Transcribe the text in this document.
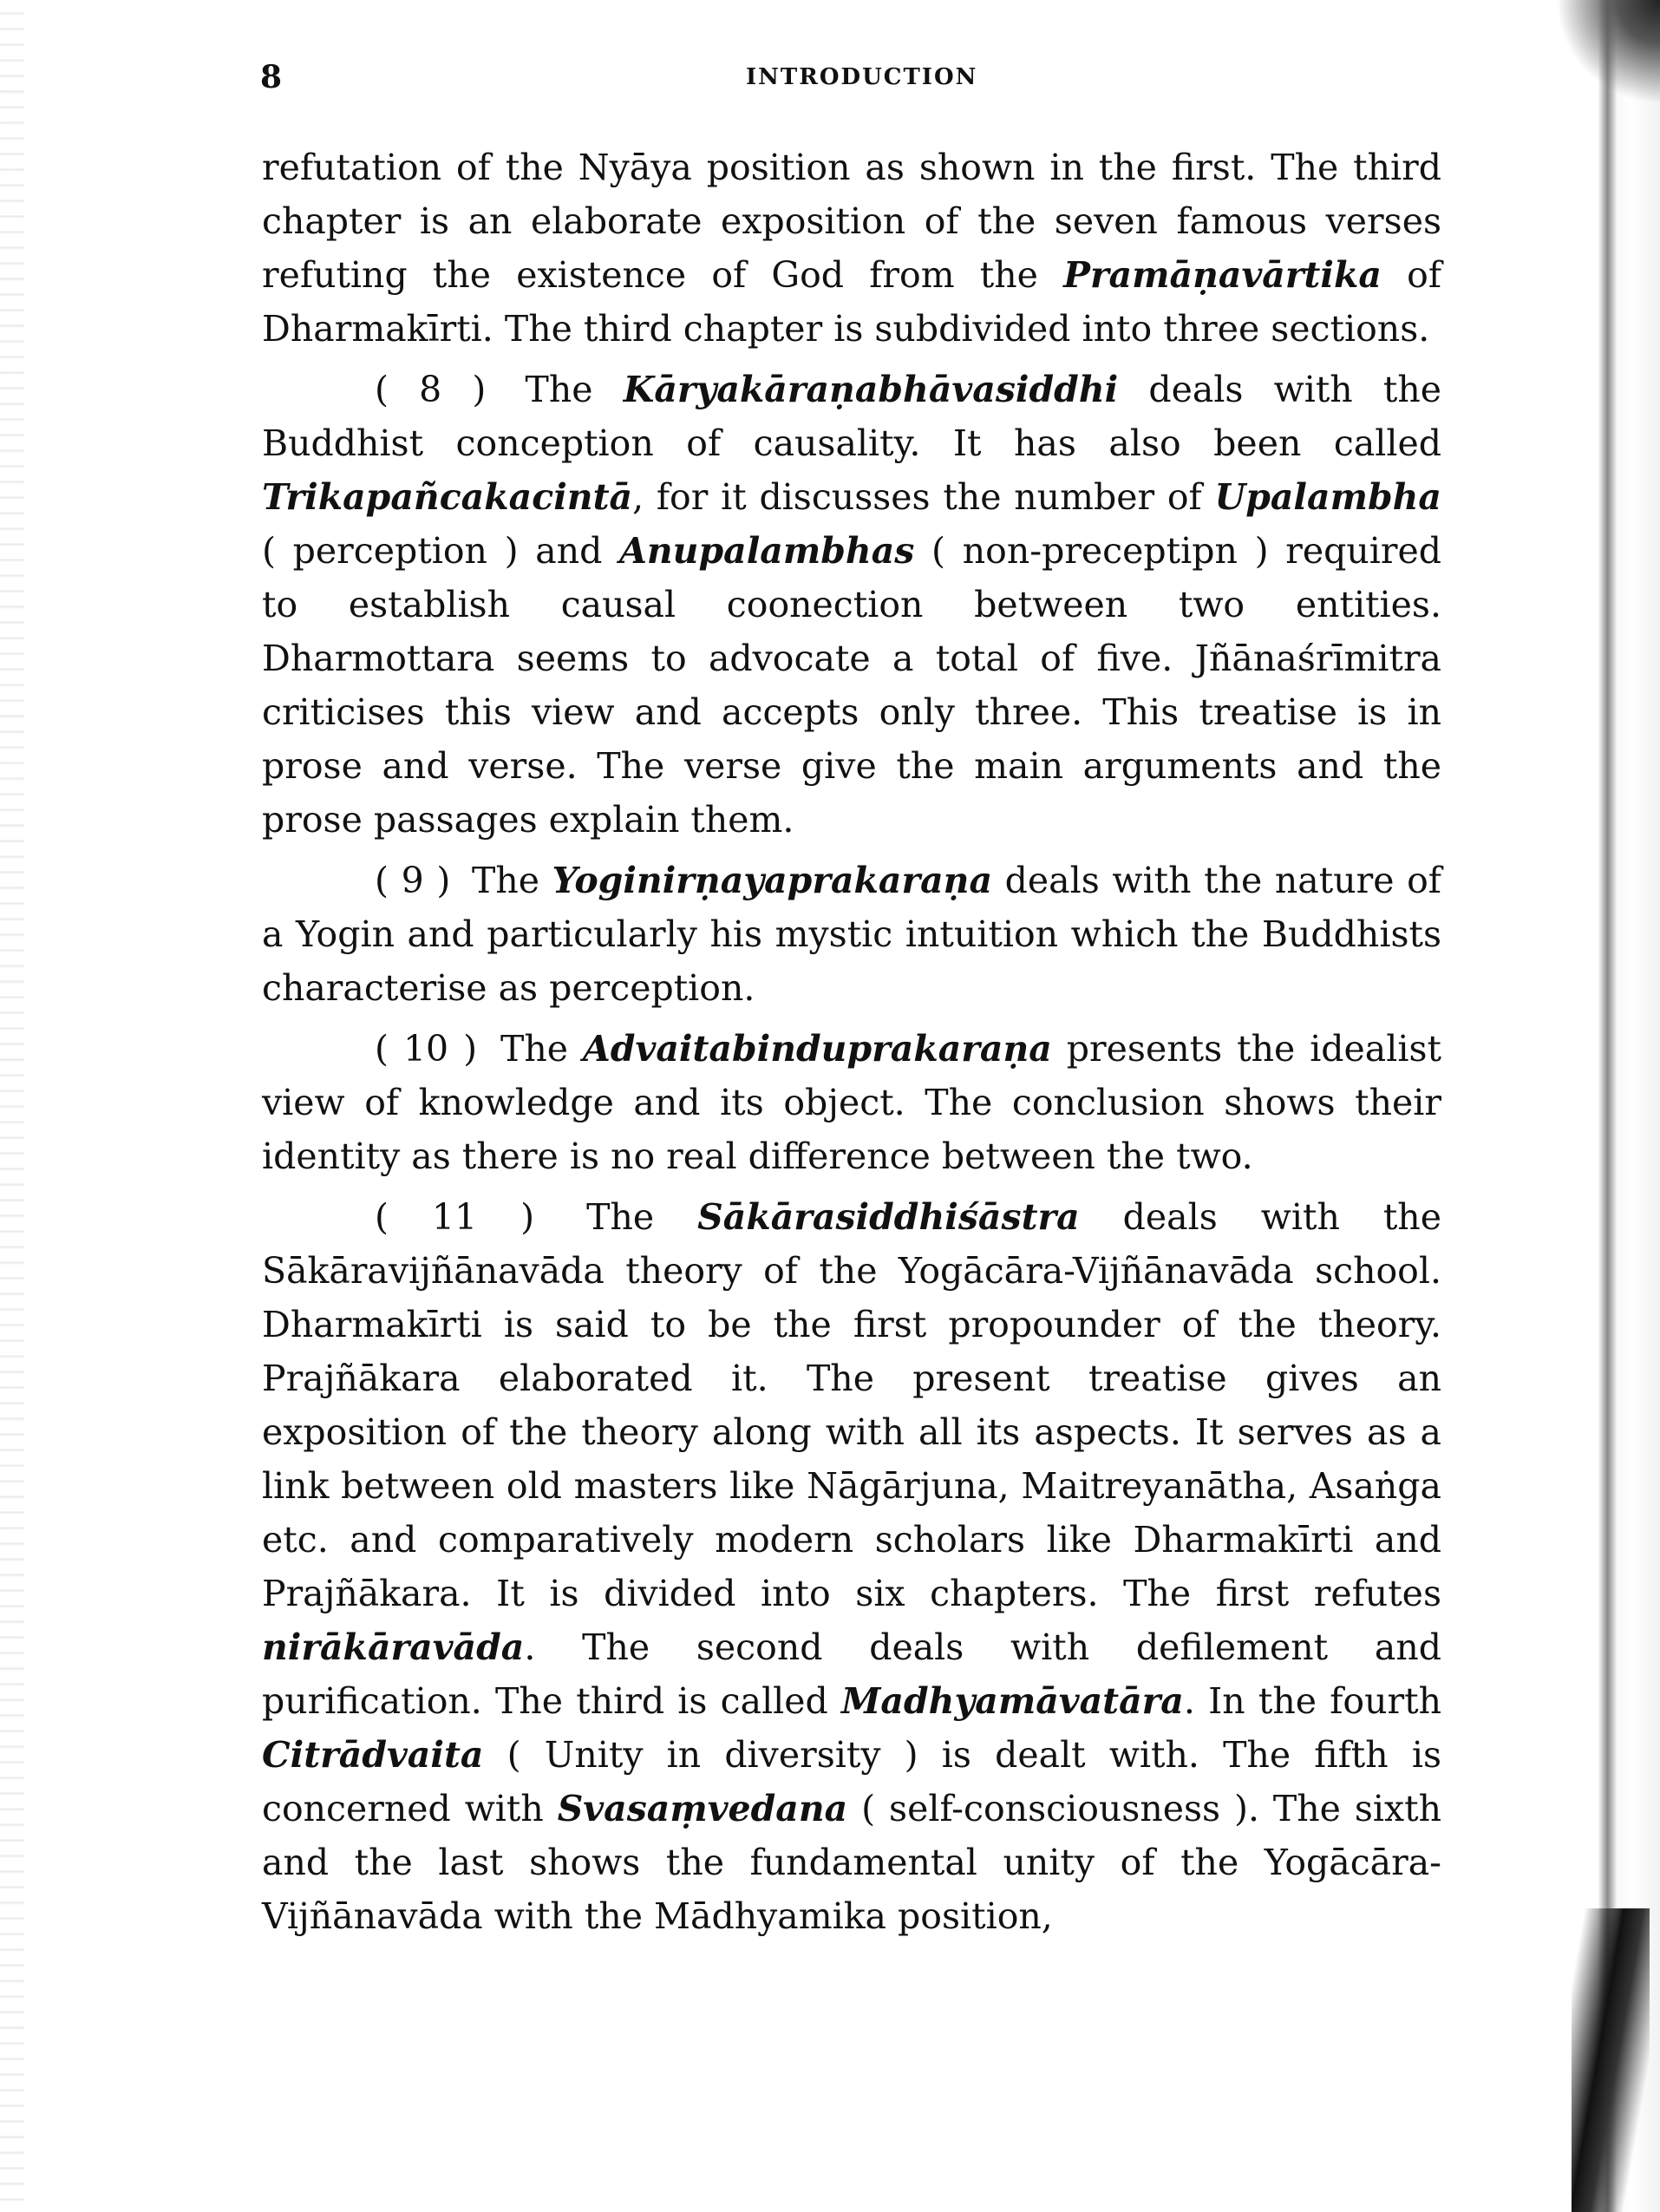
8	INTRODUCTION

refutation of the Nyāya position as shown in the first. The third chapter is an elaborate exposition of the seven famous verses refuting the existence of God from the Pramāṇavārtika of Dharmakīrti. The third chapter is subdivided into three sections.

( 8 ) The Kāryakāraṇabhāvasiddhi deals with the Buddhist conception of causality. It has also been called Trikapañcakacintā, for it discusses the number of Upalambha ( perception ) and Anupalambhas ( non-preceptipn ) required to establish causal coonection between two entities. Dharmottara seems to advocate a total of five. Jñānaśrīmitra criticises this view and accepts only three. This treatise is in prose and verse. The verse give the main arguments and the prose passages explain them.

( 9 ) The Yoginirṇayaprakaraṇa deals with the nature of a Yogin and particularly his mystic intuition which the Buddhists characterise as perception.

( 10 ) The Advaitabinduprakaraṇa presents the idealist view of knowledge and its object. The conclusion shows their identity as there is no real difference between the two.

( 11 ) The Sākārasiddhiśāstra deals with the Sākāravijñānavāda theory of the Yogācāra-Vijñānavāda school. Dharmakīrti is said to be the first propounder of the theory. Prajñākara elaborated it. The present treatise gives an exposition of the theory along with all its aspects. It serves as a link between old masters like Nāgārjuna, Maitreyanātha, Asaṅga etc. and comparatively modern scholars like Dharmakīrti and Prajñākara. It is divided into six chapters. The first refutes nirākāravāda. The second deals with defilement and purification. The third is called Madhyamāvatāra. In the fourth Citrādvaita ( Unity in diversity ) is dealt with. The fifth is concerned with Svasaṃvedana ( self-consciousness ). The sixth and the last shows the fundamental unity of the Yogācāra-Vijñānavāda with the Mādhyamika position,
